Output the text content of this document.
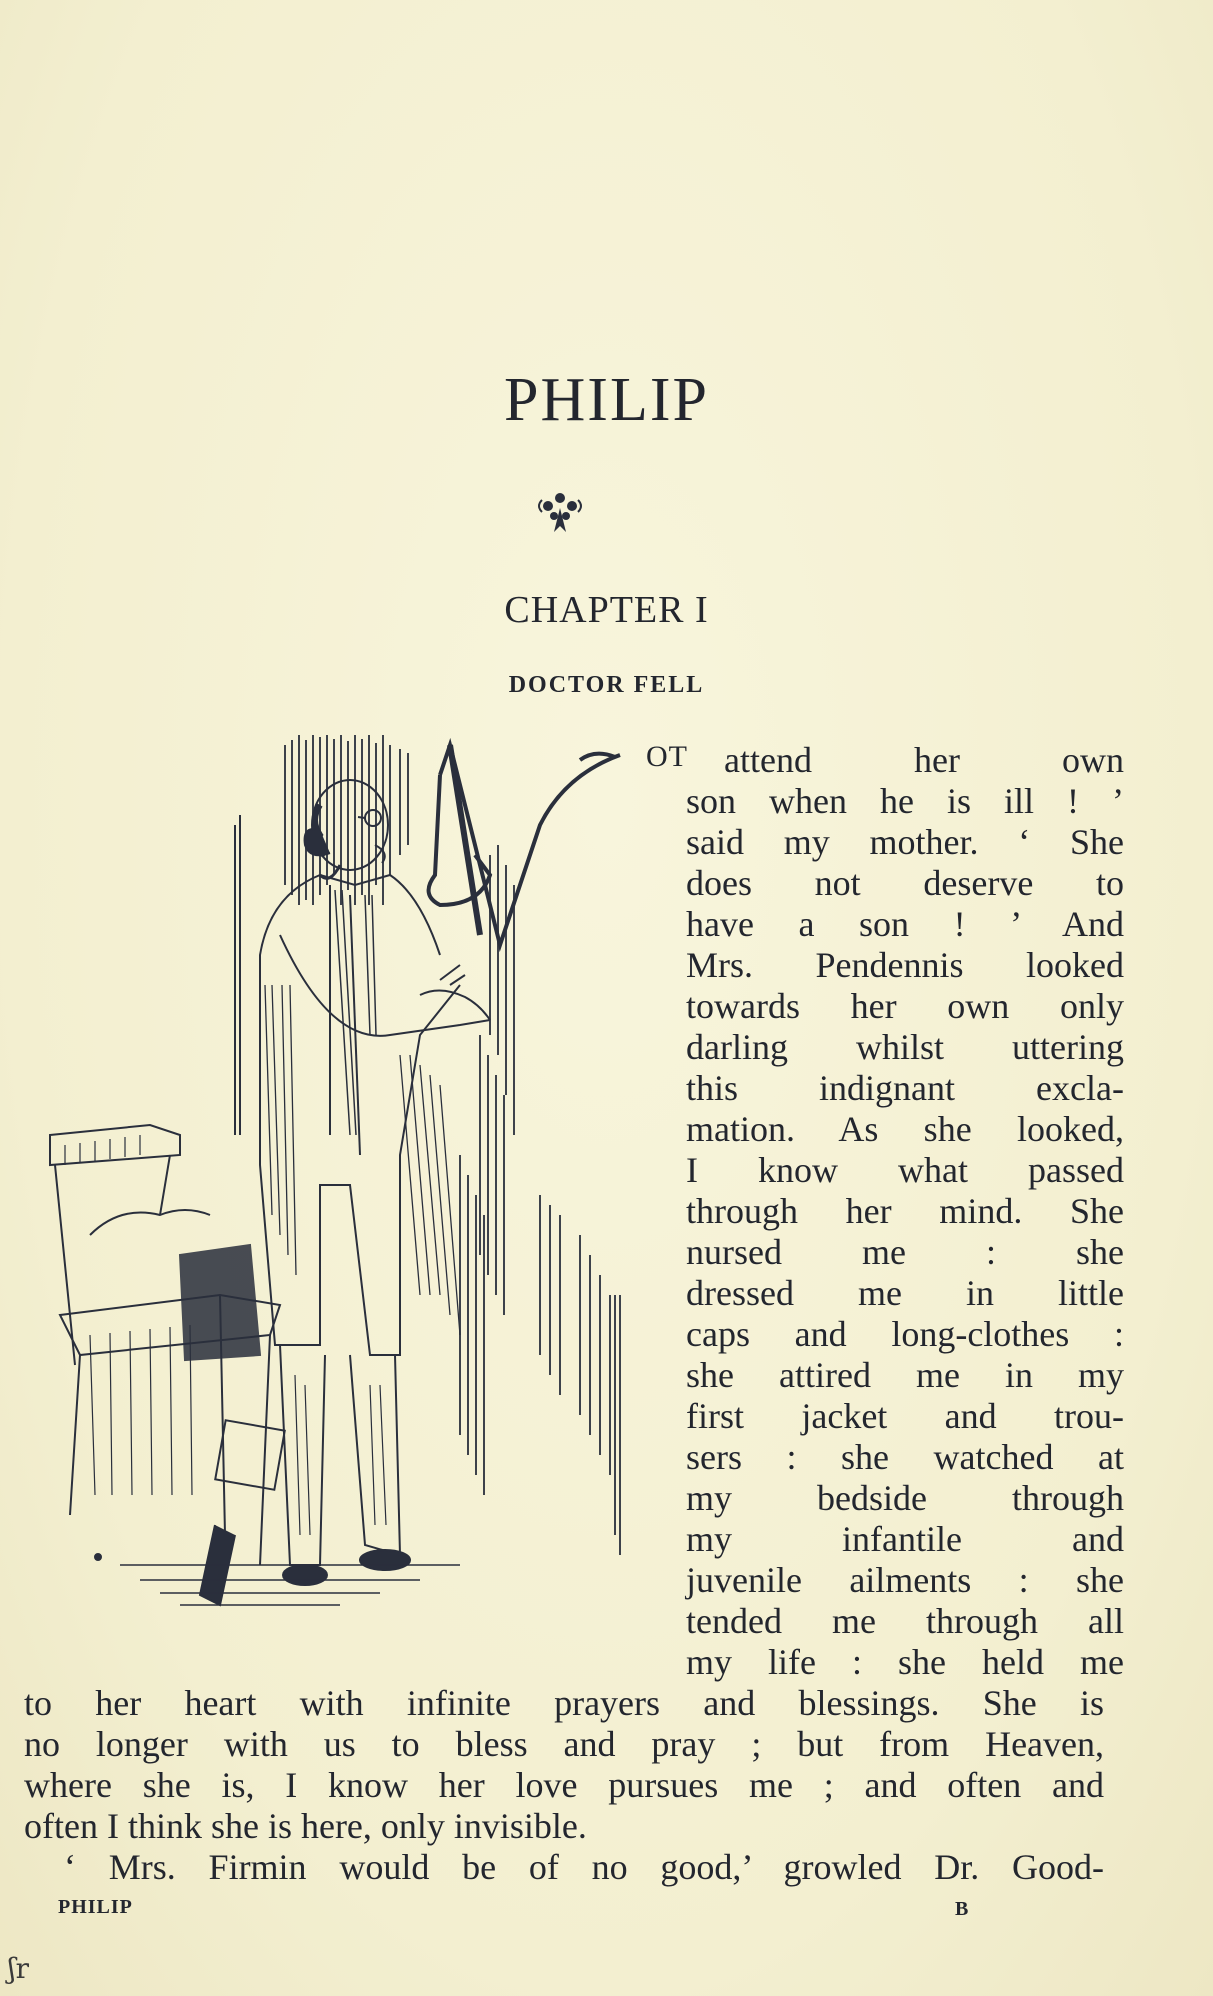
PHILIP
CHAPTER I
DOCTOR FELL
OT attend her own
son when he is ill ! ’
said my mother. ‘ She
does not deserve to
have a son ! ’ And
Mrs. Pendennis looked
towards her own only
darling whilst uttering
this indignant excla-
mation. As she looked,
I know what passed
through her mind. She
nursed me : she
dressed me in little
caps and long-clothes :
she attired me in my
first jacket and trou-
sers : she watched at
my bedside through
my infantile and
juvenile ailments : she
tended me through all
my life : she held me
to her heart with infinite prayers and blessings. She is
no longer with us to bless and pray ; but from Heaven,
where she is, I know her love pursues me ; and often and
often I think she is here, only invisible.
‘ Mrs. Firmin would be of no good,’ growled Dr. Good-
PHILIP	B
ʃr
